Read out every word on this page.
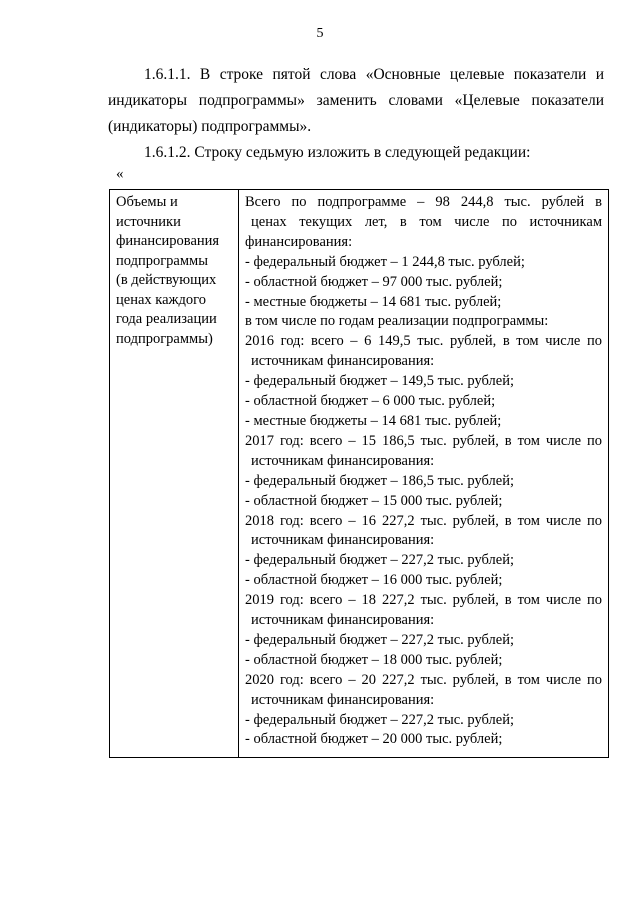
5
1.6.1.1. В строке пятой слова «Основные целевые показатели и индикаторы подпрограммы» заменить словами «Целевые показатели (индикаторы) подпрограммы».
1.6.1.2. Строку седьмую изложить в следующей редакции:
«
Объемы и
источники
финансирования
подпрограммы
(в действующих
ценах каждого
года реализации
подпрограммы)
Всего по подпрограмме – 98 244,8 тыс. рублей в
ценах текущих лет, в том числе по источникам
финансирования:
- федеральный бюджет – 1 244,8 тыс. рублей;
- областной бюджет – 97 000 тыс. рублей;
- местные бюджеты – 14 681 тыс. рублей;
в том числе по годам реализации подпрограммы:
2016 год: всего – 6 149,5 тыс. рублей, в том числе по
источникам финансирования:
- федеральный бюджет – 149,5 тыс. рублей;
- областной бюджет – 6 000 тыс. рублей;
- местные бюджеты – 14 681 тыс. рублей;
2017 год: всего – 15 186,5 тыс. рублей, в том числе по
источникам финансирования:
- федеральный бюджет – 186,5 тыс. рублей;
- областной бюджет – 15 000 тыс. рублей;
2018 год: всего – 16 227,2 тыс. рублей, в том числе по
источникам финансирования:
- федеральный бюджет – 227,2 тыс. рублей;
- областной бюджет – 16 000 тыс. рублей;
2019 год: всего – 18 227,2 тыс. рублей, в том числе по
источникам финансирования:
- федеральный бюджет – 227,2 тыс. рублей;
- областной бюджет – 18 000 тыс. рублей;
2020 год: всего – 20 227,2 тыс. рублей, в том числе по
источникам финансирования:
- федеральный бюджет – 227,2 тыс. рублей;
- областной бюджет – 20 000 тыс. рублей;
